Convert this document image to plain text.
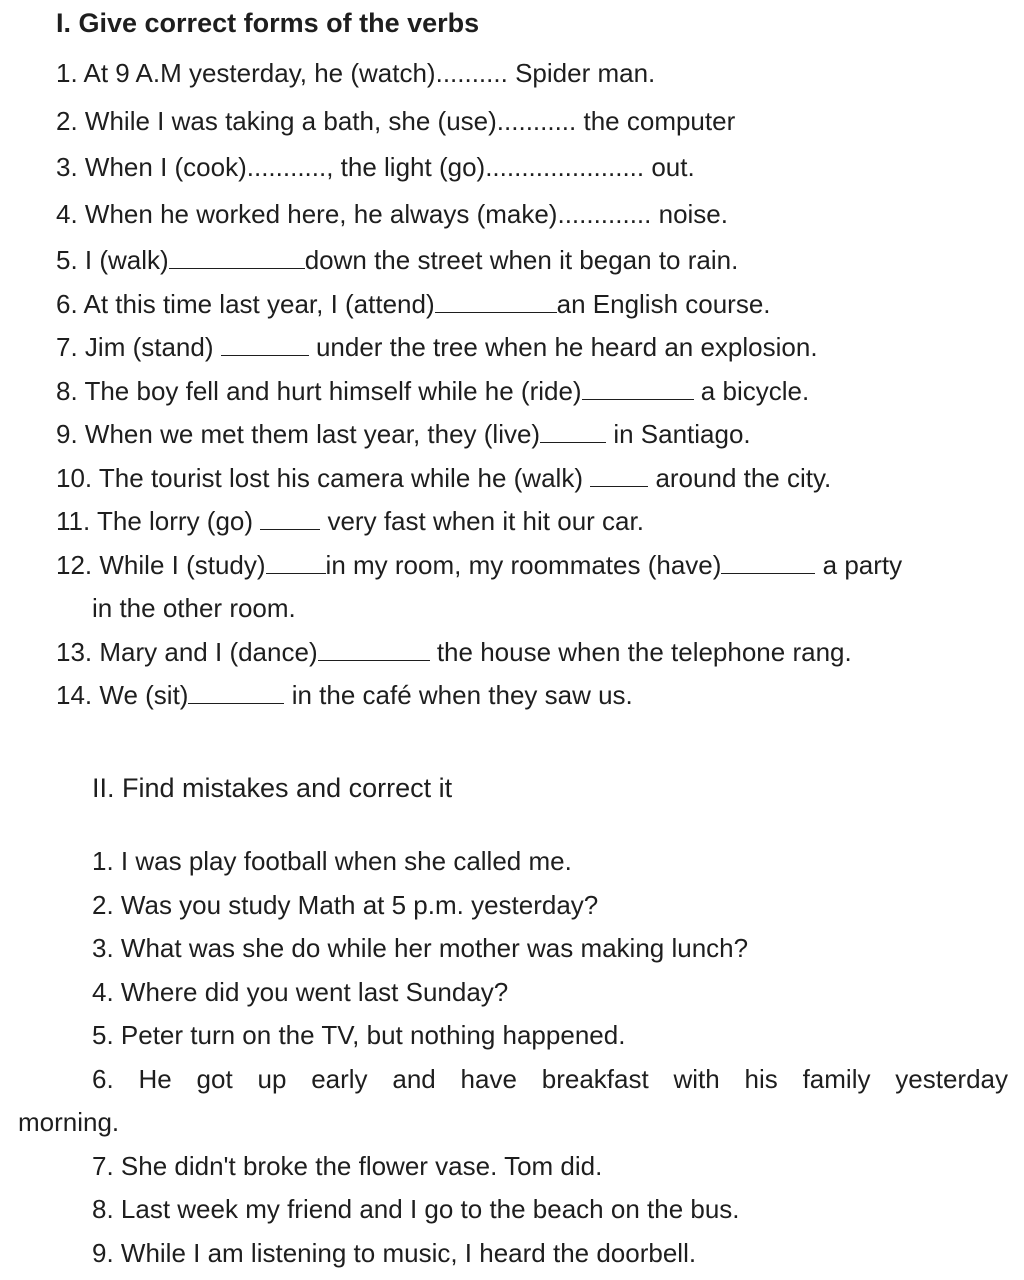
I. Give correct forms of the verbs
1. At 9 A.M yesterday, he (watch).......... Spider man.
2. While I was taking a bath, she (use)........... the computer
3. When I (cook)..........., the light (go)...................... out.
4. When he worked here, he always (make)............. noise.
5. I (walk)	down the street when it began to rain.
6. At this time last year, I (attend)	an English course.
7. Jim (stand)	under the tree when he heard an explosion.
8. The boy fell and hurt himself while he (ride)	a bicycle.
9. When we met them last year, they (live)	in Santiago.
10. The tourist lost his camera while he (walk)  around the city.
11. The lorry (go)  very fast when it hit our car.
12. While I (study) in my room, my roommates (have)	a party
in the other room.
13. Mary and I (dance)	the house when the telephone rang.
14. We (sit)	in the café when they saw us.
II. Find mistakes and correct it
1. I was play football when she called me.
2. Was you study Math at 5 p.m. yesterday?
3. What was she do while her mother was making lunch?
4. Where did you went last Sunday?
5. Peter turn on the TV, but nothing happened.
6. He got up early and have breakfast with his family yesterday
morning.
7. She didn't broke the flower vase. Tom did.
8. Last week my friend and I go to the beach on the bus.
9. While I am listening to music, I heard the doorbell.
